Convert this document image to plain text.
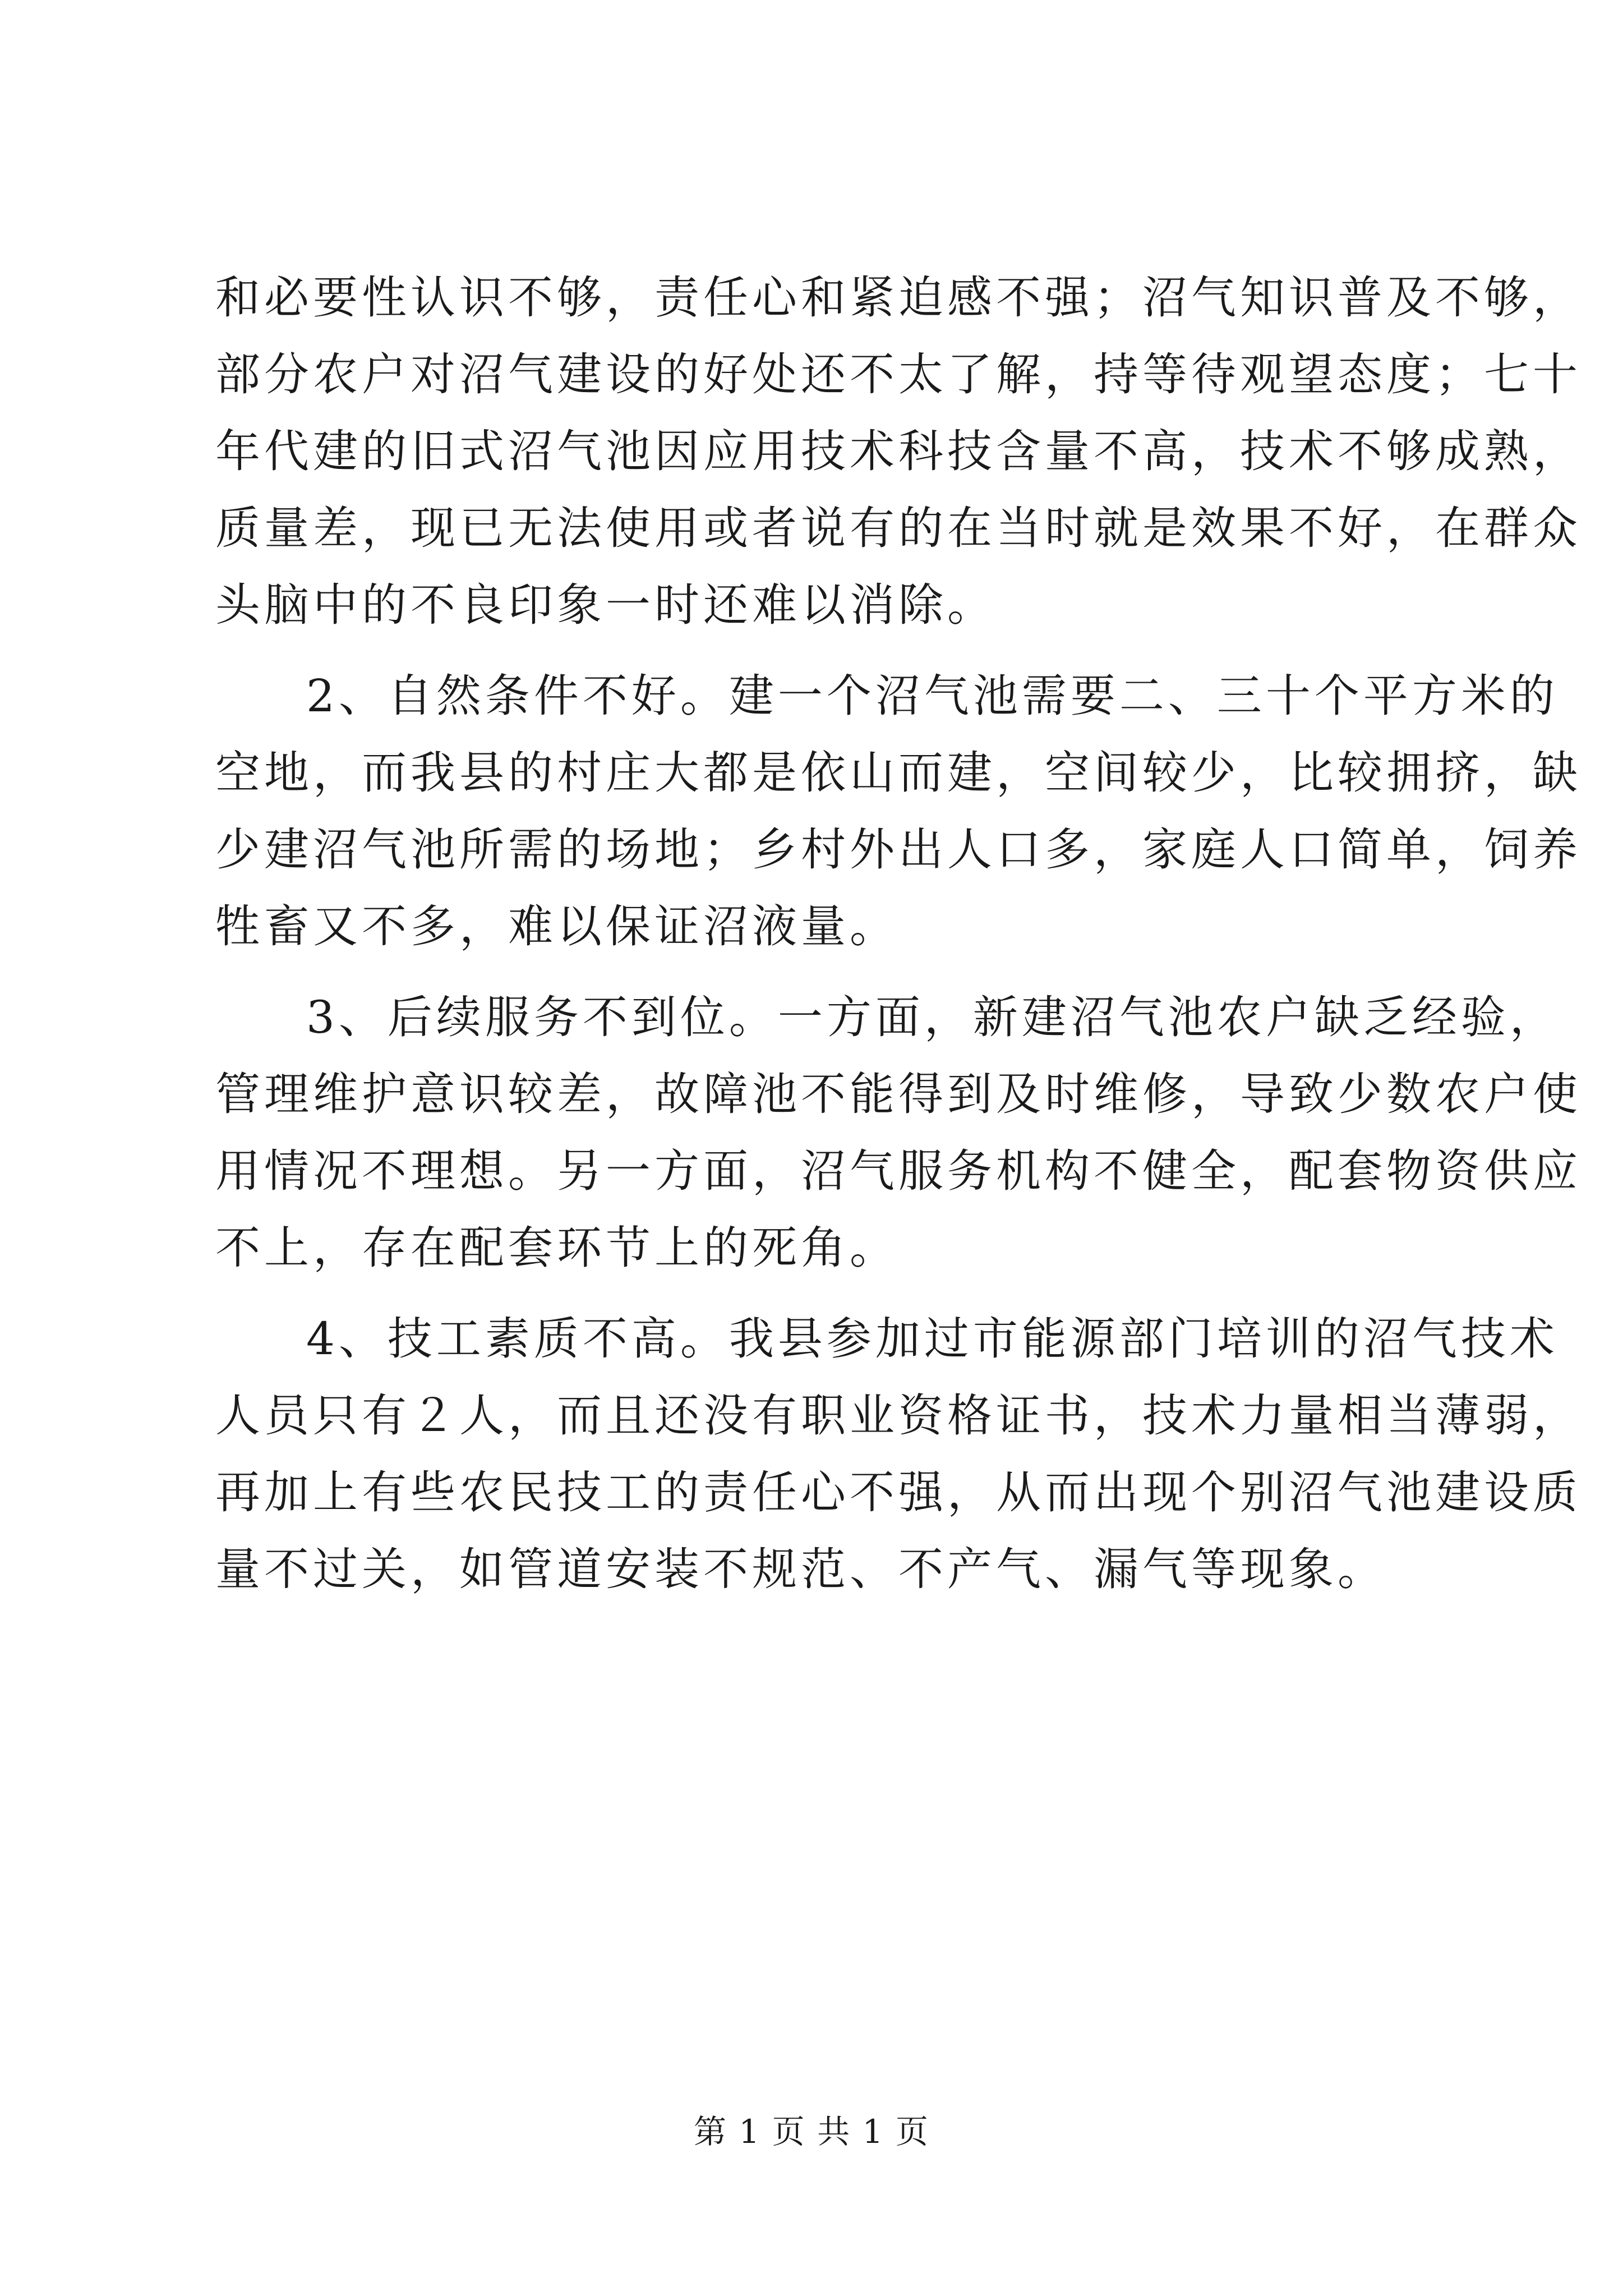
和必要性认识不够，责任心和紧迫感不强；沼气知识普及不够，
部分农户对沼气建设的好处还不太了解，持等待观望态度；七十
年代建的旧式沼气池因应用技术科技含量不高，技术不够成熟，
质量差，现已无法使用或者说有的在当时就是效果不好，在群众
头脑中的不良印象一时还难以消除。
2、自然条件不好。建一个沼气池需要二、三十个平方米的
空地，而我县的村庄大都是依山而建，空间较少，比较拥挤，缺
少建沼气池所需的场地；乡村外出人口多，家庭人口简单，饲养
牲畜又不多，难以保证沼液量。
3、后续服务不到位。一方面，新建沼气池农户缺乏经验，
管理维护意识较差，故障池不能得到及时维修，导致少数农户使
用情况不理想。另一方面，沼气服务机构不健全，配套物资供应
不上，存在配套环节上的死角。
4、技工素质不高。我县参加过市能源部门培训的沼气技术
人员只有２人，而且还没有职业资格证书，技术力量相当薄弱，
再加上有些农民技工的责任心不强，从而出现个别沼气池建设质
量不过关，如管道安装不规范、不产气、漏气等现象。
第 1 页 共 1 页
